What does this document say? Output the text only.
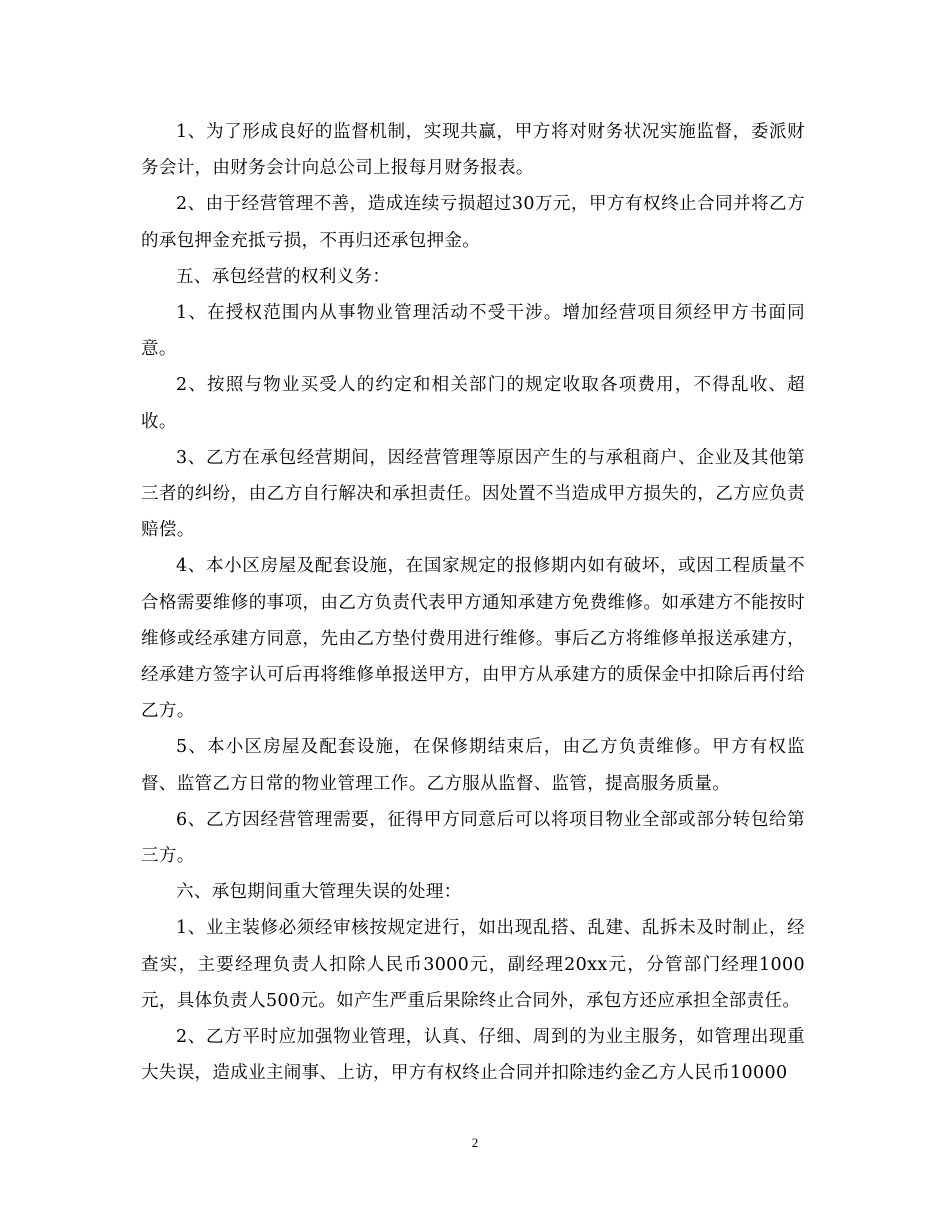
1、为了形成良好的监督机制，实现共赢，甲方将对财务状况实施监督，委派财务会计，由财务会计向总公司上报每月财务报表。

2、由于经营管理不善，造成连续亏损超过30万元，甲方有权终止合同并将乙方的承包押金充抵亏损，不再归还承包押金。

五、承包经营的权利义务：

1、在授权范围内从事物业管理活动不受干涉。增加经营项目须经甲方书面同意。

2、按照与物业买受人的约定和相关部门的规定收取各项费用，不得乱收、超收。

3、乙方在承包经营期间，因经营管理等原因产生的与承租商户、企业及其他第三者的纠纷，由乙方自行解决和承担责任。因处置不当造成甲方损失的，乙方应负责赔偿。

4、本小区房屋及配套设施，在国家规定的报修期内如有破坏，或因工程质量不合格需要维修的事项，由乙方负责代表甲方通知承建方免费维修。如承建方不能按时维修或经承建方同意，先由乙方垫付费用进行维修。事后乙方将维修单报送承建方，经承建方签字认可后再将维修单报送甲方，由甲方从承建方的质保金中扣除后再付给乙方。

5、本小区房屋及配套设施，在保修期结束后，由乙方负责维修。甲方有权监督、监管乙方日常的物业管理工作。乙方服从监督、监管，提高服务质量。

6、乙方因经营管理需要，征得甲方同意后可以将项目物业全部或部分转包给第三方。

六、承包期间重大管理失误的处理：

1、业主装修必须经审核按规定进行，如出现乱搭、乱建、乱拆未及时制止，经查实，主要经理负责人扣除人民币3000元，副经理20xx元，分管部门经理1000元，具体负责人500元。如产生严重后果除终止合同外，承包方还应承担全部责任。

2、乙方平时应加强物业管理，认真、仔细、周到的为业主服务，如管理出现重大失误，造成业主闹事、上访，甲方有权终止合同并扣除违约金乙方人民币10000

2
